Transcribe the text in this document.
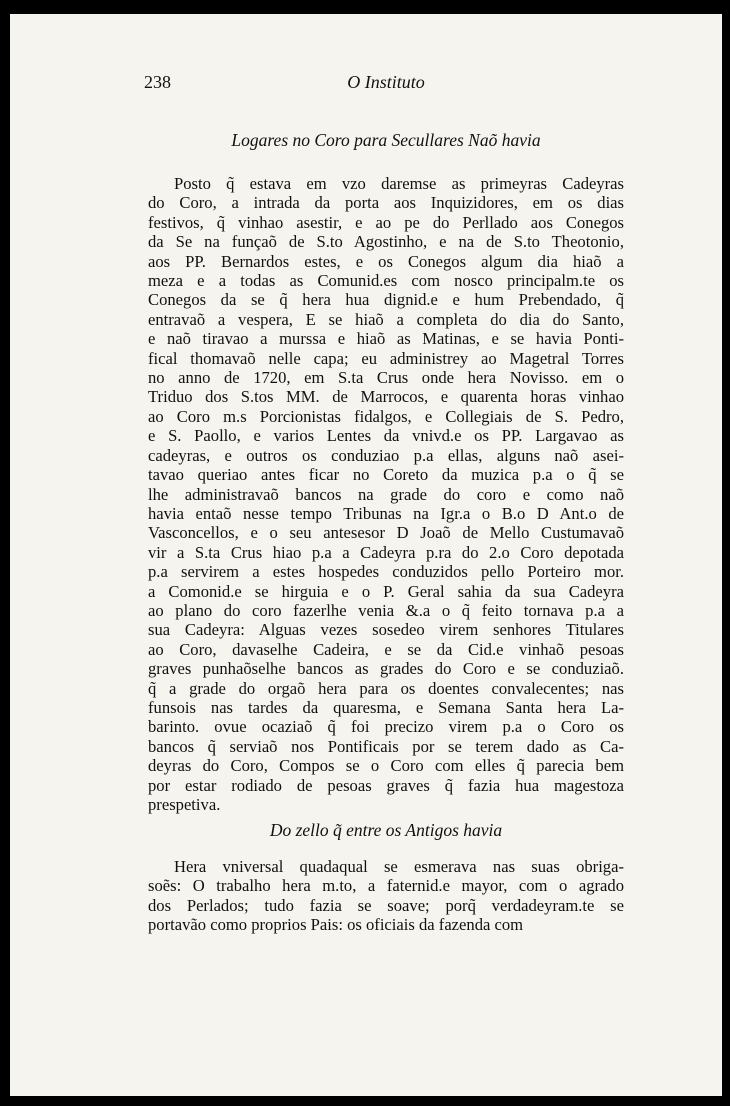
238	O Instituto
Logares no Coro para Secullares Naõ havia
Posto q̃ estava em vzo daremse as primeyras Cadeyras
do Coro, a intrada da porta aos Inquizidores, em os dias
festivos, q̃ vinhao asestir, e ao pe do Perllado aos Conegos
da Se na funçaõ de S.to Agostinho, e na de S.to Theotonio,
aos PP. Bernardos estes, e os Conegos algum dia hiaõ a
meza e a todas as Comunid.es com nosco principalm.te os
Conegos da se q̃ hera hua dignid.e e hum Prebendado, q̃
entravaõ a vespera, E se hiaõ a completa do dia do Santo,
e naõ tiravao a murssa e hiaõ as Matinas, e se havia Ponti-
fical thomavaõ nelle capa; eu administrey ao Magetral Torres
no anno de 1720, em S.ta Crus onde hera Novisso. em o
Triduo dos S.tos MM. de Marrocos, e quarenta horas vinhao
ao Coro m.s Porcionistas fidalgos, e Collegiais de S. Pedro,
e S. Paollo, e varios Lentes da vnivd.e os PP. Largavao as
cadeyras, e outros os conduziao p.a ellas, alguns naõ asei-
tavao queriao antes ficar no Coreto da muzica p.a o q̃ se
lhe administravaõ bancos na grade do coro e como naõ
havia entaõ nesse tempo Tribunas na Igr.a o B.o D Ant.o de
Vasconcellos, e o seu antesesor D Joaõ de Mello Custumavaõ
vir a S.ta Crus hiao p.a a Cadeyra p.ra do 2.o Coro depotada
p.a servirem a estes hospedes conduzidos pello Porteiro mor.
a Comonid.e se hirguia e o P. Geral sahia da sua Cadeyra
ao plano do coro fazerlhe venia &.a o q̃ feito tornava p.a a
sua Cadeyra: Alguas vezes sosedeo virem senhores Titulares
ao Coro, davaselhe Cadeira, e se da Cid.e vinhaõ pesoas
graves punhaõselhe bancos as grades do Coro e se conduziaõ.
q̃ a grade do orgaõ hera para os doentes convalecentes; nas
funsois nas tardes da quaresma, e Semana Santa hera La-
barinto. ovue ocaziaõ q̃ foi precizo virem p.a o Coro os
bancos q̃ serviaõ nos Pontificais por se terem dado as Ca-
deyras do Coro, Compos se o Coro com elles q̃ parecia bem
por estar rodiado de pesoas graves q̃ fazia hua magestoza
prespetiva.
Do zello q̃ entre os Antigos havia
Hera vniversal quadaqual se esmerava nas suas obriga-
soẽs: O trabalho hera m.to, a faternid.e mayor, com o agrado
dos Perlados; tudo fazia se soave; porq̃ verdadeyram.te se
portavão como proprios Pais: os oficiais da fazenda com
